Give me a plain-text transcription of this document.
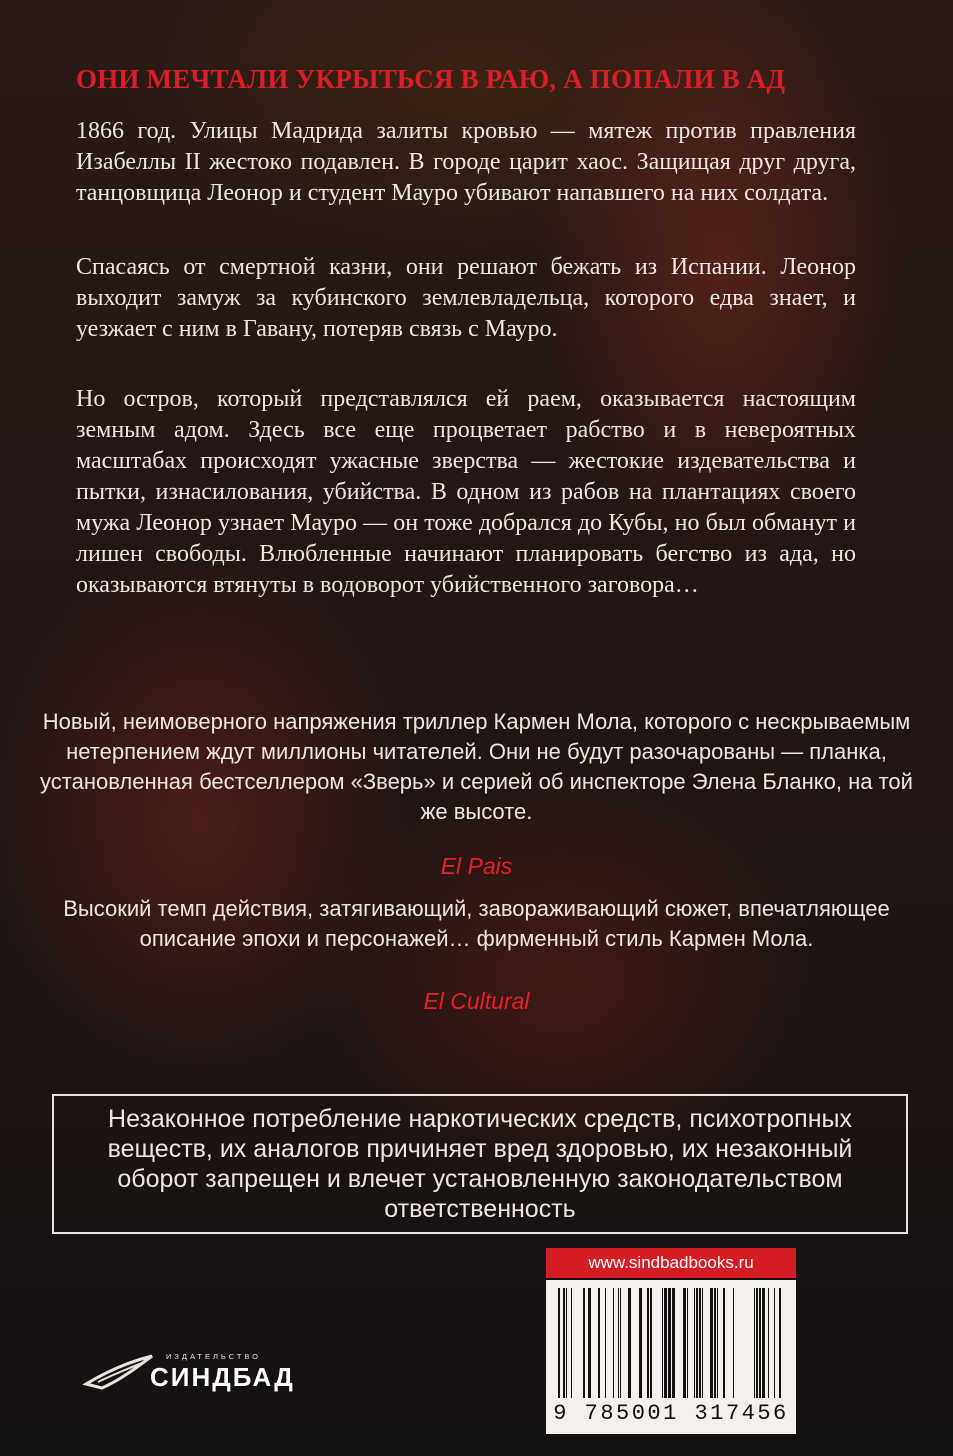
ОНИ МЕЧТАЛИ УКРЫТЬСЯ В РАЮ, А ПОПАЛИ В АД

1866 год. Улицы Мадрида залиты кровью — мятеж против правления Изабеллы II жестоко подавлен. В городе царит хаос. Защищая друг друга, танцовщица Леонор и студент Мауро убивают напавшего на них солдата.

Спасаясь от смертной казни, они решают бежать из Испании. Леонор выходит замуж за кубинского землевладельца, которого едва знает, и уезжает с ним в Гавану, потеряв связь с Мауро.

Но остров, который представлялся ей раем, оказывается настоящим земным адом. Здесь все еще процветает рабство и в невероятных масштабах происходят ужасные зверства — жестокие издевательства и пытки, изнасилования, убийства. В одном из рабов на плантациях своего мужа Леонор узнает Мауро — он тоже добрался до Кубы, но был обманут и лишен свободы. Влюбленные начинают планировать бегство из ада, но оказываются втянуты в водоворот убийственного заговора…

Новый, неимоверного напряжения триллер Кармен Мола, которого с нескрываемым нетерпением ждут миллионы читателей. Они не будут разочарованы — планка, установленная бестселлером «Зверь» и серией об инспекторе Элена Бланко, на той же высоте.

El Pais

Высокий темп действия, затягивающий, завораживающий сюжет, впечатляющее описание эпохи и персонажей… фирменный стиль Кармен Мола.

El Cultural

Незаконное потребление наркотических средств, психотропных веществ, их аналогов причиняет вред здоровью, их незаконный оборот запрещен и влечет установленную законодательством ответственность

www.sindbadbooks.ru
9 785001 317456
ИЗДАТЕЛЬСТВО
СИНДБАД
